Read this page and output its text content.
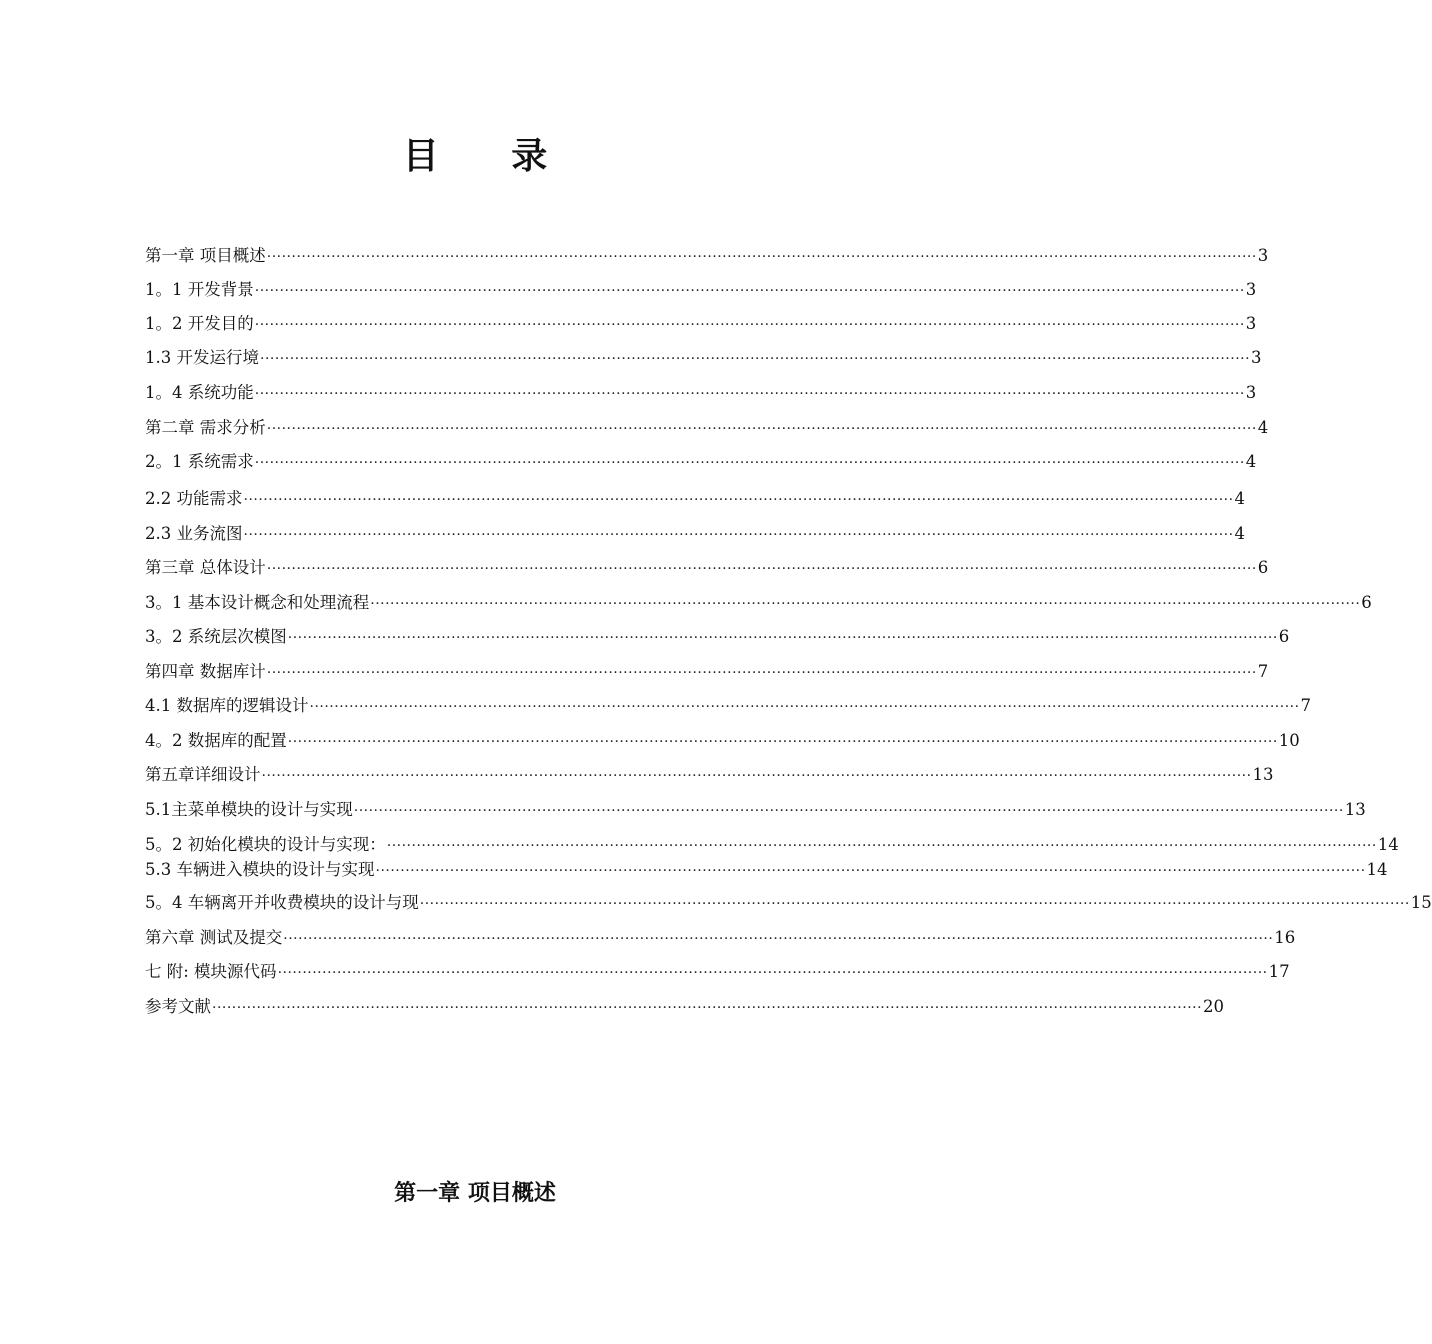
目 录
第一章 项目概述 ········································································································································································································ 3
1。1 开发背景 ········································································································································································································ 3
1。2 开发目的 ········································································································································································································ 3
1.3 开发运行境 ········································································································································································································ 3
1。4 系统功能 ········································································································································································································ 3
第二章 需求分析 ········································································································································································································ 4
2。1 系统需求 ········································································································································································································ 4
2.2 功能需求 ········································································································································································································ 4
2.3 业务流图 ········································································································································································································ 4
第三章 总体设计 ········································································································································································································ 6
3。1 基本设计概念和处理流程 ········································································································································································································ 6
3。2 系统层次模图 ········································································································································································································ 6
第四章 数据库计 ········································································································································································································ 7
4.1 数据库的逻辑设计 ········································································································································································································ 7
4。2 数据库的配置 ········································································································································································································ 10
第五章详细设计 ········································································································································································································ 13
5.1主菜单模块的设计与实现 ········································································································································································································ 13
5。2 初始化模块的设计与实现： ········································································································································································································ 14
5.3 车辆进入模块的设计与实现 ········································································································································································································ 14
5。4 车辆离开并收费模块的设计与现 ········································································································································································································ 15
第六章 测试及提交 ········································································································································································································ 16
七 附: 模块源代码 ········································································································································································································ 17
参考文献 ········································································································································································································ 20
第一章 项目概述
